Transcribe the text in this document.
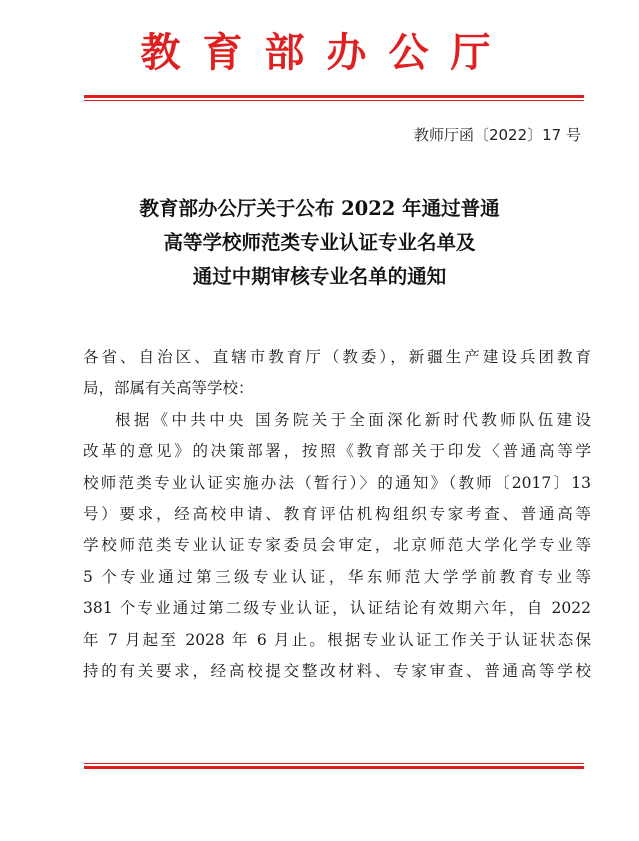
教育部办公厅
教师厅函〔2022〕17 号
教育部办公厅关于公布 2022 年通过普通
高等学校师范类专业认证专业名单及
通过中期审核专业名单的通知
各省、自治区、直辖市教育厅（教委），新疆生产建设兵团教育
局，部属有关高等学校：
根据《中共中央 国务院关于全面深化新时代教师队伍建设
改革的意见》的决策部署，按照《教育部关于印发〈普通高等学
校师范类专业认证实施办法（暂行）〉的通知》（教师〔2017〕13
号）要求，经高校申请、教育评估机构组织专家考查、普通高等
学校师范类专业认证专家委员会审定，北京师范大学化学专业等
5 个专业通过第三级专业认证，华东师范大学学前教育专业等
381 个专业通过第二级专业认证，认证结论有效期六年，自 2022
年 7 月起至 2028 年 6 月止。根据专业认证工作关于认证状态保
持的有关要求，经高校提交整改材料、专家审查、普通高等学校
